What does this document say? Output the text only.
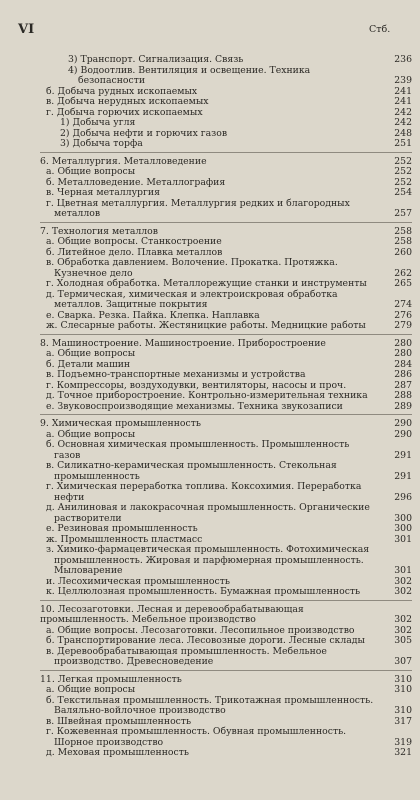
VI	Стб.
3) Транспорт. Сигнализация. Связь	236
4) Водоотлив. Вентиляция и освещение. Техника безопасности	239
б. Добыча рудных ископаемых	241
в. Добыча нерудных ископаемых	241
г. Добыча горючих ископаемых	242
1) Добыча угля	242
2) Добыча нефти и горючих газов	248
3) Добыча торфа	251
6. Металлургия. Металловедение	252
а. Общие вопросы	252
б. Металловедение. Металлография	252
в. Черная металлургия	254
г. Цветная металлургия. Металлургия редких и благородных металлов	257
7. Технология металлов	258
а. Общие вопросы. Станкостроение	258
б. Литейное дело. Плавка металлов	260
в. Обработка давлением. Волочение. Прокатка. Протяжка. Кузнечное дело	262
г. Холодная обработка. Металлорежущие станки и инструменты	265
д. Термическая, химическая и электроискровая обработка металлов. Защитные покрытия	274
е. Сварка. Резка. Пайка. Клепка. Наплавка	276
ж. Слесарные работы. Жестяницкие работы. Медницкие работы	279
8. Машиностроение. Машиностроение. Приборостроение	280
а. Общие вопросы	280
б. Детали машин	284
в. Подъемно-транспортные механизмы и устройства	286
г. Компрессоры, воздуходувки, вентиляторы, насосы и проч.	287
д. Точное приборостроение. Контрольно-измерительная техника	288
е. Звуковоспроизводящие механизмы. Техника звукозаписи	289
9. Химическая промышленность	290
а. Общие вопросы	290
б. Основная химическая промышленность. Промышленность газов	291
в. Силикатно-керамическая промышленность. Стекольная промышленность	291
г. Химическая переработка топлива. Коксохимия. Переработка нефти	296
д. Анилиновая и лакокрасочная промышленность. Органические растворители	300
е. Резиновая промышленность	300
ж. Промышленность пластмасс	301
з. Химико-фармацевтическая промышленность. Фотохимическая промышленность. Жировая и парфюмерная промышленность. Мыловарение	301
и. Лесохимическая промышленность	302
к. Целлюлозная промышленность. Бумажная промышленность	302
10. Лесозаготовки. Лесная и деревообрабатывающая промышленность. Мебельное производство	302
а. Общие вопросы. Лесозаготовки. Лесопильное производство	302
б. Транспортирование леса. Лесовозные дороги. Лесные склады	305
в. Деревообрабатывающая промышленность. Мебельное производство. Древесноведение	307
11. Легкая промышленность	310
а. Общие вопросы	310
б. Текстильная промышленность. Трикотажная промышленность. Валяльно-войлочное производство	310
в. Швейная промышленность	317
г. Кожевенная промышленность. Обувная промышленность. Шорное производство	319
д. Меховая промышленность	321
